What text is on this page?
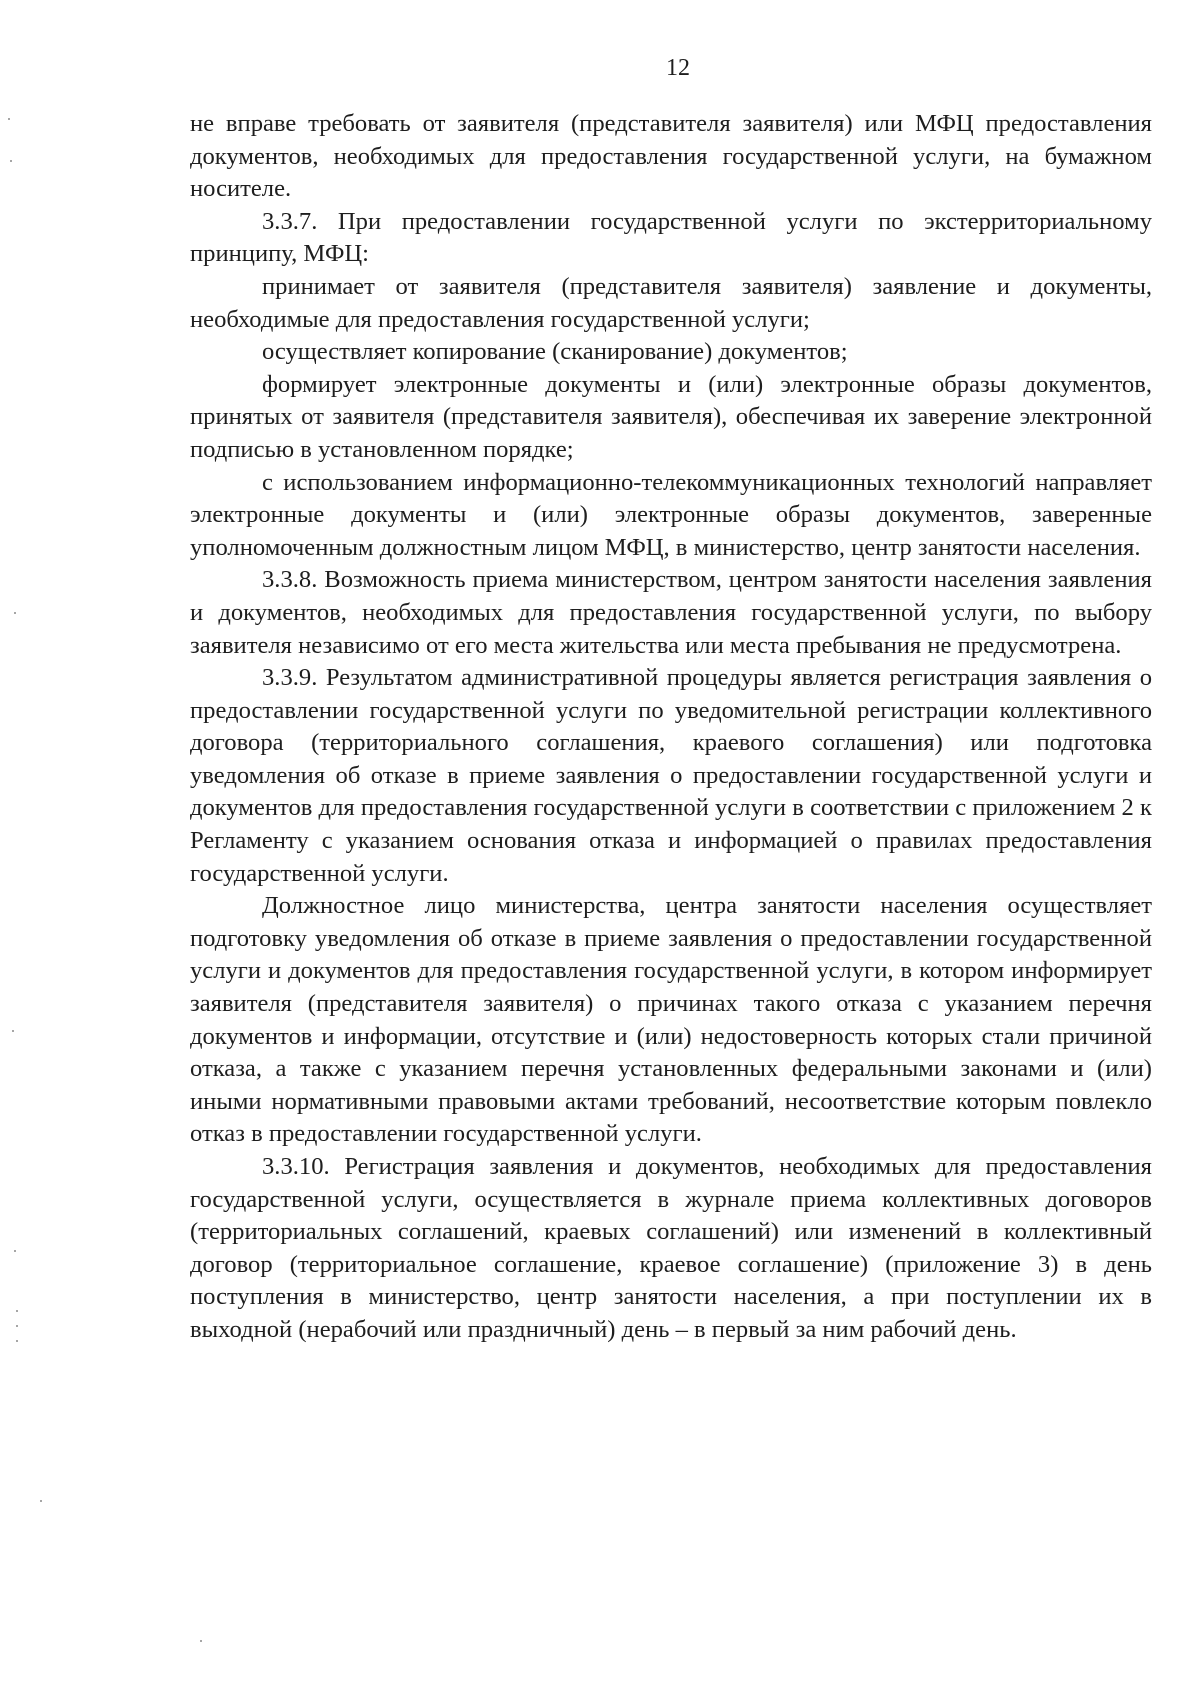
12

не вправе требовать от заявителя (представителя заявителя) или МФЦ предоставления документов, необходимых для предоставления государственной услуги, на бумажном носителе.

3.3.7. При предоставлении государственной услуги по экстерриториальному принципу, МФЦ:

принимает от заявителя (представителя заявителя) заявление и документы, необходимые для предоставления государственной услуги;

осуществляет копирование (сканирование) документов;

формирует электронные документы и (или) электронные образы документов, принятых от заявителя (представителя заявителя), обеспечивая их заверение электронной подписью в установленном порядке;

с использованием информационно-телекоммуникационных технологий направляет электронные документы и (или) электронные образы документов, заверенные уполномоченным должностным лицом МФЦ, в министерство, центр занятости населения.

3.3.8. Возможность приема министерством, центром занятости населения заявления и документов, необходимых для предоставления государственной услуги, по выбору заявителя независимо от его места жительства или места пребывания не предусмотрена.

3.3.9. Результатом административной процедуры является регистрация заявления о предоставлении государственной услуги по уведомительной регистрации коллективного договора (территориального соглашения, краевого соглашения) или подготовка уведомления об отказе в приеме заявления о предоставлении государственной услуги и документов для предоставления государственной услуги в соответствии с приложением 2 к Регламенту с указанием основания отказа и информацией о правилах предоставления государственной услуги.

Должностное лицо министерства, центра занятости населения осуществляет подготовку уведомления об отказе в приеме заявления о предоставлении государственной услуги и документов для предоставления государственной услуги, в котором информирует заявителя (представителя заявителя) о причинах такого отказа с указанием перечня документов и информации, отсутствие и (или) недостоверность которых стали причиной отказа, а также с указанием перечня установленных федеральными законами и (или) иными нормативными правовыми актами требований, несоответствие которым повлекло отказ в предоставлении государственной услуги.

3.3.10. Регистрация заявления и документов, необходимых для предоставления государственной услуги, осуществляется в журнале приема коллективных договоров (территориальных соглашений, краевых соглашений) или изменений в коллективный договор (территориальное соглашение, краевое соглашение) (приложение 3) в день поступления в министерство, центр занятости населения, а при поступлении их в выходной (нерабочий или праздничный) день – в первый за ним рабочий день.
